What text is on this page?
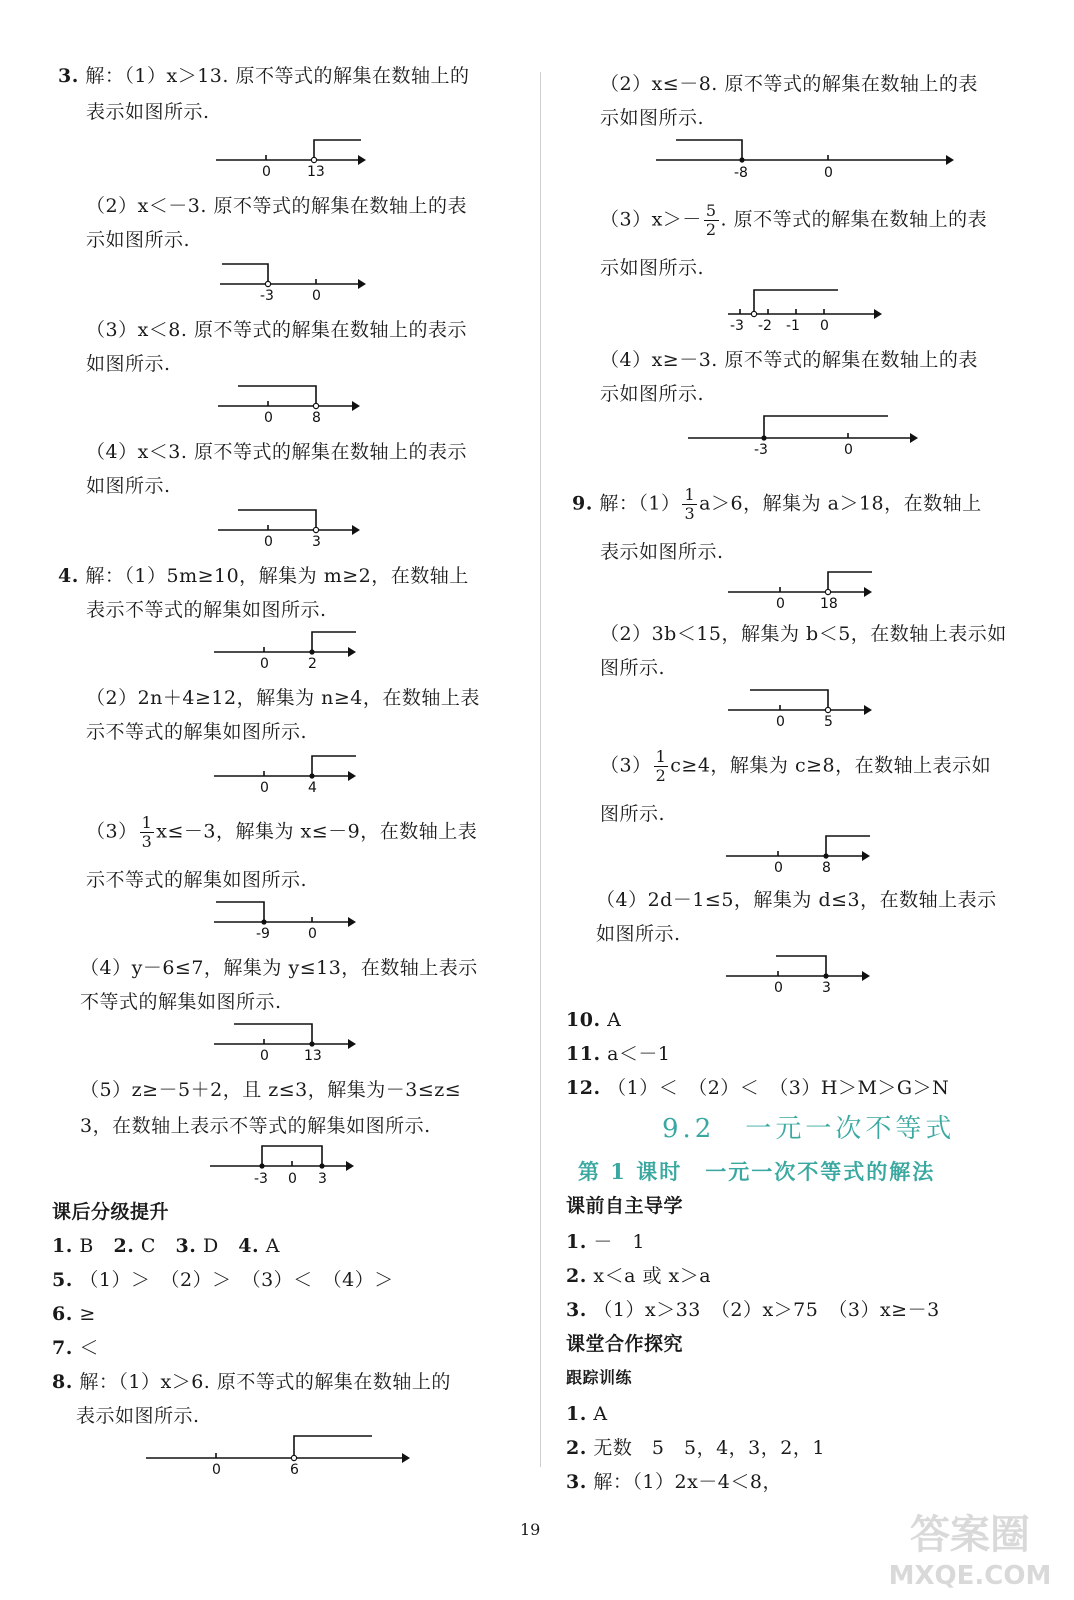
3. 解：（1）x＞13. 原不等式的解集在数轴上的
表示如图所示.
0	13
（2）x＜－3. 原不等式的解集在数轴上的表
示如图所示.
-3	0
（3）x＜8. 原不等式的解集在数轴上的表示
如图所示.
0	8
（4）x＜3. 原不等式的解集在数轴上的表示
如图所示.
0	3
4. 解：（1）5m≥10，解集为 m≥2，在数轴上
表示不等式的解集如图所示.
0	2
（2）2n＋4≥12，解集为 n≥4，在数轴上表
示不等式的解集如图所示.
0	4
$(3) \frac{1}{3} x\le-3$，解集为 x≤－9，在数轴上表
示不等式的解集如图所示.
-9	0
（4）y－6≤7，解集为 y≤13，在数轴上表示
不等式的解集如图所示.
0	13
（5）z≥－5＋2，且 z≤3，解集为－3≤z≤
3，在数轴上表示不等式的解集如图所示.
-3 0 3
课后分级提升
1. B 2. C 3. D 4. A
5. （1）＞　（2）＞　（3）＜　（4）＞
6. ≥
7. ＜
8. 解：（1）x＞6. 原不等式的解集在数轴上的
表示如图所示.
0	6
（2）x≤－8. 原不等式的解集在数轴上的表
示如图所示.
-8	0
$(3)x>- \frac{5}{2}$ . 原不等式的解集在数轴上的表
示如图所示.
-3 -2 -1 0
（4）x≥－3. 原不等式的解集在数轴上的表
示如图所示.
-3	0
9. 解：$(1) \frac{1}{3} a>6$，解集为 a＞18，在数轴上
表示如图所示.
0	18
（2）3b＜15，解集为 b＜5，在数轴上表示如
图所示.
0	5
$(3) \frac{1}{2} c\ge 4$，解集为 c≥8，在数轴上表示如
图所示.
0	8
（4）2d－1≤5，解集为 d≤3，在数轴上表示
如图所示.
0	3
10. A
11. a＜－1
12. （1）＜　（2）＜　（3）H＞M＞G＞N
课前自主导学
1. －　1
2. x＜a 或 x＞a
3. （1）x＞33　（2）x＞75　（3）x≥－3
课堂合作探究
跟踪训练
1. A
2. 无数　5　5，4，3，2，1
3. 解：（1）2x－4＜8，
9.2　一元一次不等式
第 1 课时　一元一次不等式的解法
19	答案圈
MXQE.COM
